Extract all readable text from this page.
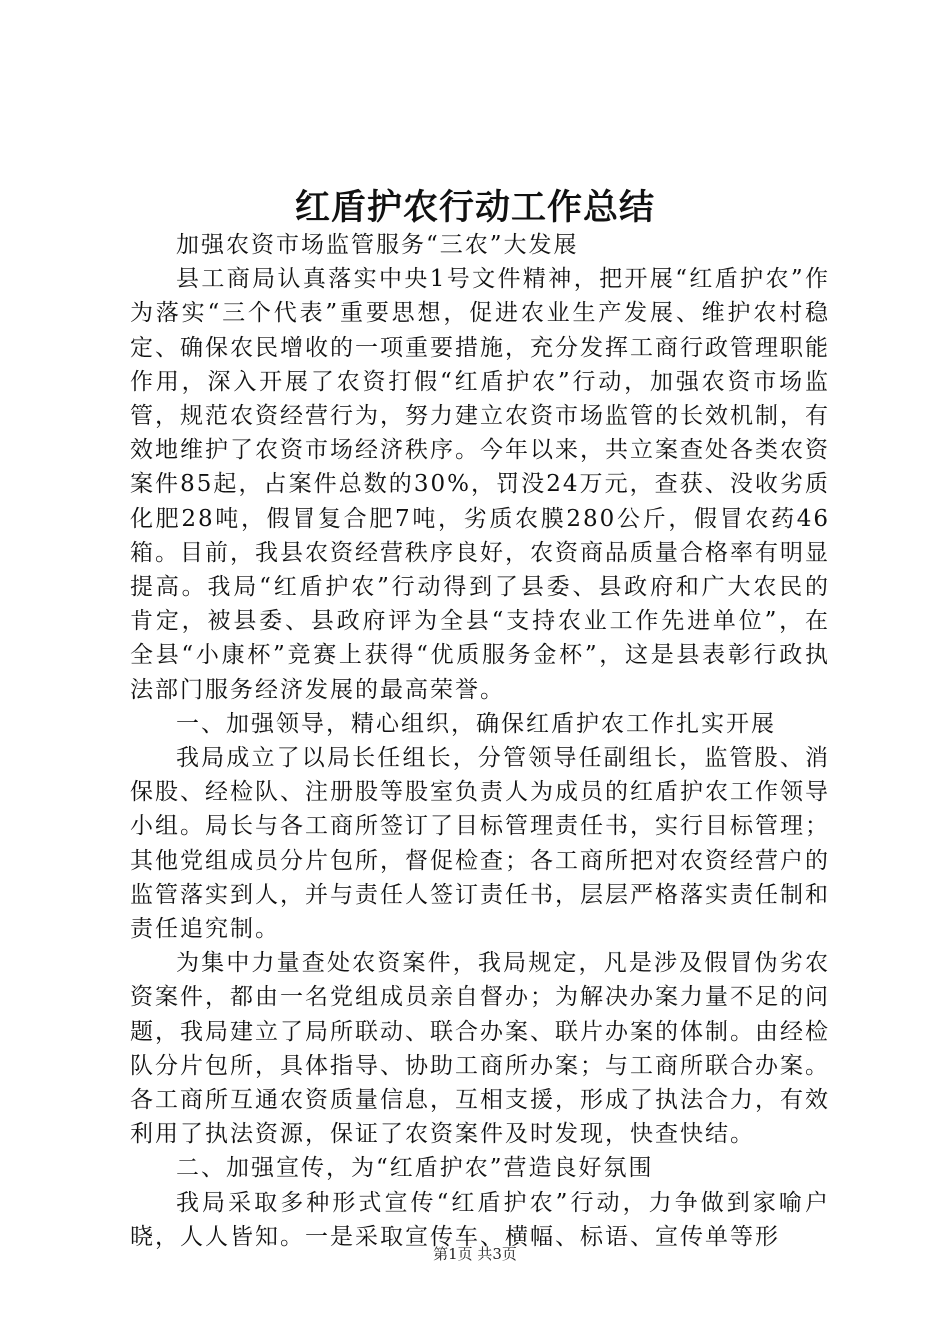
红盾护农行动工作总结

加强农资市场监管服务“三农”大发展

县工商局认真落实中央1号文件精神，把开展“红盾护农”作为落实“三个代表”重要思想，促进农业生产发展、维护农村稳定、确保农民增收的一项重要措施，充分发挥工商行政管理职能作用，深入开展了农资打假“红盾护农”行动，加强农资市场监管，规范农资经营行为，努力建立农资市场监管的长效机制，有效地维护了农资市场经济秩序。今年以来，共立案查处各类农资案件85起，占案件总数的30%，罚没24万元，查获、没收劣质化肥28吨，假冒复合肥7吨，劣质农膜280公斤，假冒农药46箱。目前，我县农资经营秩序良好，农资商品质量合格率有明显提高。我局“红盾护农”行动得到了县委、县政府和广大农民的肯定，被县委、县政府评为全县“支持农业工作先进单位”，在全县“小康杯”竞赛上获得“优质服务金杯”，这是县表彰行政执法部门服务经济发展的最高荣誉。

一、加强领导，精心组织，确保红盾护农工作扎实开展

我局成立了以局长任组长，分管领导任副组长，监管股、消保股、经检队、注册股等股室负责人为成员的红盾护农工作领导小组。局长与各工商所签订了目标管理责任书，实行目标管理；其他党组成员分片包所，督促检查；各工商所把对农资经营户的监管落实到人，并与责任人签订责任书，层层严格落实责任制和责任追究制。

为集中力量查处农资案件，我局规定，凡是涉及假冒伪劣农资案件，都由一名党组成员亲自督办；为解决办案力量不足的问题，我局建立了局所联动、联合办案、联片办案的体制。由经检队分片包所，具体指导、协助工商所办案；与工商所联合办案。各工商所互通农资质量信息，互相支援，形成了执法合力，有效利用了执法资源，保证了农资案件及时发现，快查快结。

二、加强宣传，为“红盾护农”营造良好氛围

我局采取多种形式宣传“红盾护农”行动，力争做到家喻户晓，人人皆知。一是采取宣传车、横幅、标语、宣传单等形

第1页 共3页
